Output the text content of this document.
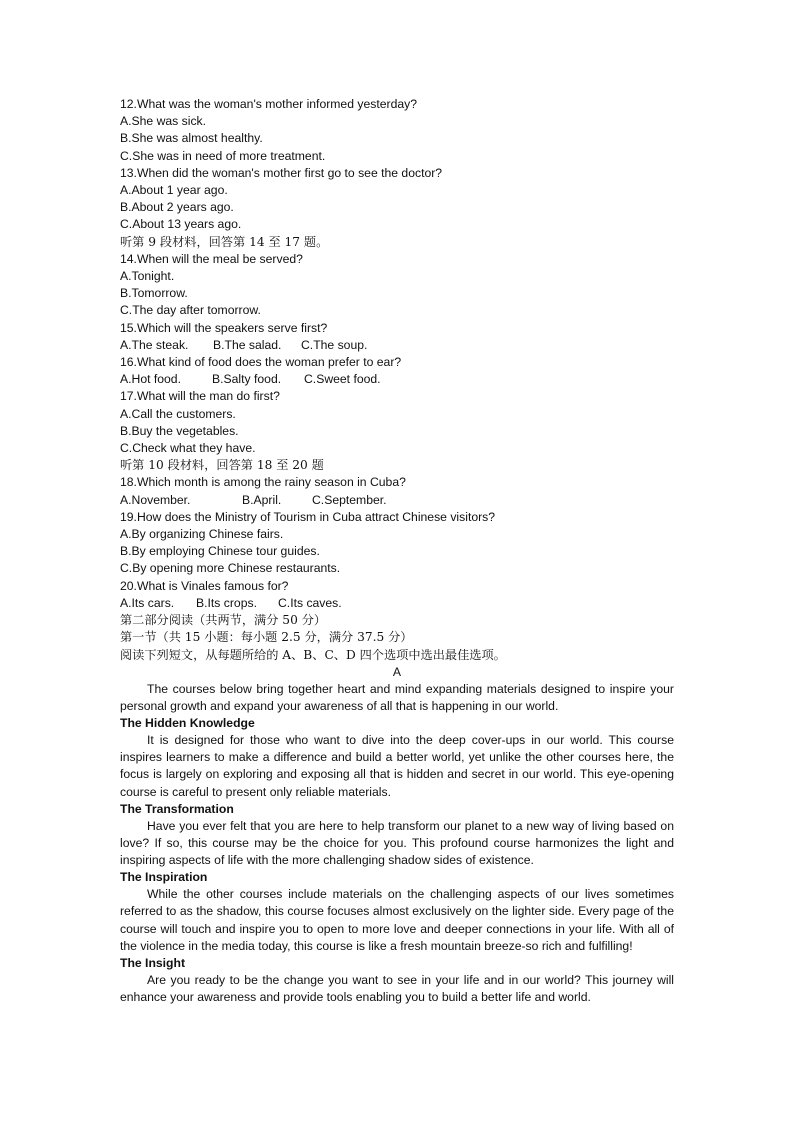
12.What was the woman's mother informed yesterday?

A.She was sick.

B.She was almost healthy.

C.She was in need of more treatment.

13.When did the woman's mother first go to see the doctor?

A.About 1 year ago.

B.About 2 years ago.

C.About 13 years ago.

听第 9 段材料，回答第 14 至 17 题。

14.When will the meal be served?

A.Tonight.

B.Tomorrow.

C.The day after tomorrow.

15.Which will the speakers serve first?

A.The steak. B.The salad. C.The soup.

16.What kind of food does the woman prefer to ear?

A.Hot food.	B.Salty food. C.Sweet food.

17.What will the man do first?

A.Call the customers.

B.Buy the vegetables.

C.Check what they have.

听第 10 段材料，回答第 18 至 20 题

18.Which month is among the rainy season in Cuba?

A.November.	B.April.	C.September.

19.How does the Ministry of Tourism in Cuba attract Chinese visitors?

A.By organizing Chinese fairs.

B.By employing Chinese tour guides.

C.By opening more Chinese restaurants.

20.What is Vinales famous for?

A.Its cars. B.Its crops. C.Its caves.

第二部分阅读（共两节，满分 50 分）

第一节（共 15 小题：每小题 2.5 分，满分 37.5 分）

阅读下列短文，从每题所给的 A、B、C、D 四个选项中选出最佳选项。

A

The courses below bring together heart and mind expanding materials designed to inspire your personal growth and expand your awareness of all that is happening in our world.

The Hidden Knowledge

It is designed for those who want to dive into the deep cover-ups in our world. This course inspires learners to make a difference and build a better world, yet unlike the other courses here, the focus is largely on exploring and exposing all that is hidden and secret in our world. This eye-opening course is careful to present only reliable materials.

The Transformation

Have you ever felt that you are here to help transform our planet to a new way of living based on love? If so, this course may be the choice for you. This profound course harmonizes the light and inspiring aspects of life with the more challenging shadow sides of existence.

The Inspiration

While the other courses include materials on the challenging aspects of our lives sometimes referred to as the shadow, this course focuses almost exclusively on the lighter side. Every page of the course will touch and inspire you to open to more love and deeper connections in your life. With all of the violence in the media today, this course is like a fresh mountain breeze-so rich and fulfilling!

The Insight

Are you ready to be the change you want to see in your life and in our world? This journey will enhance your awareness and provide tools enabling you to build a better life and world.
